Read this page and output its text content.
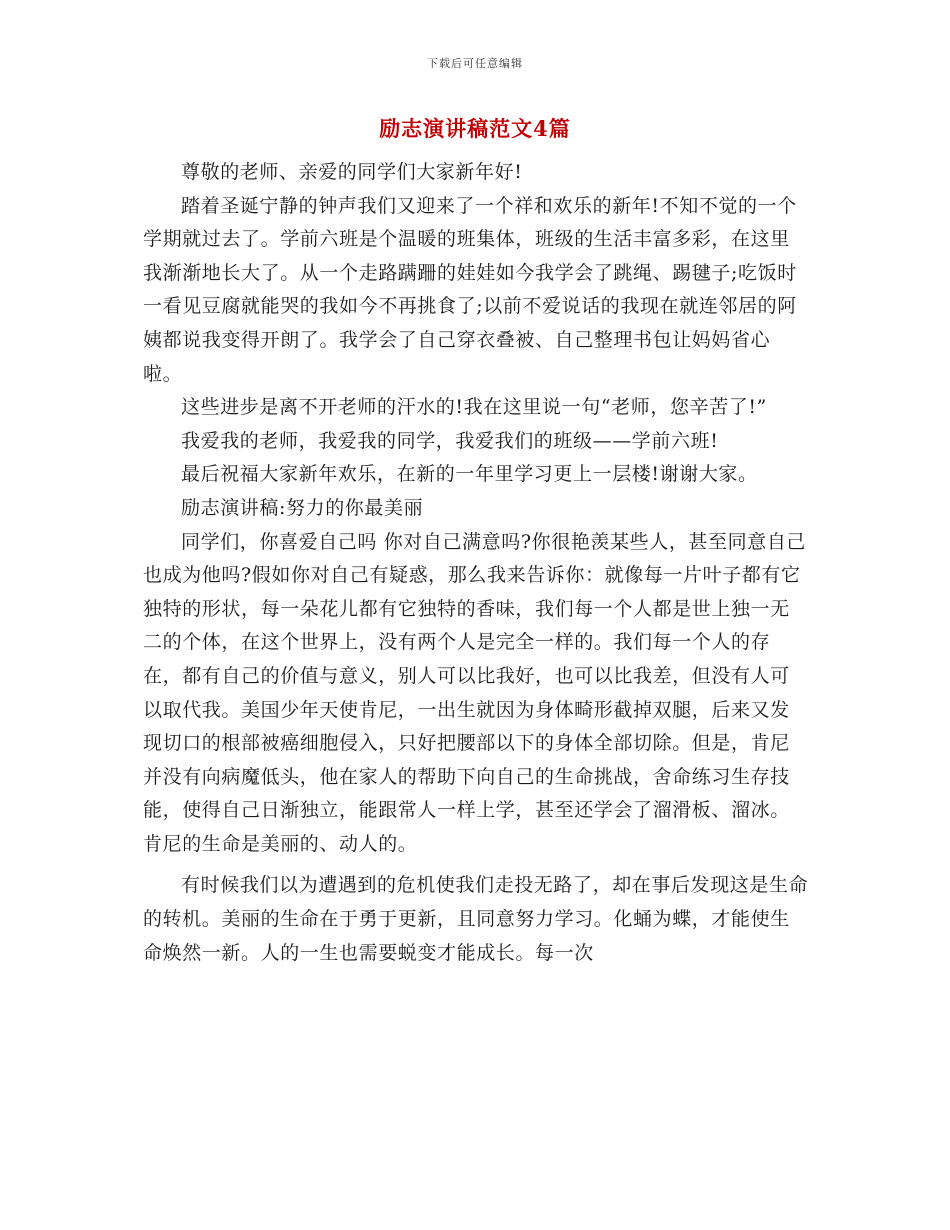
下载后可任意编辑
励志演讲稿范文4篇

尊敬的老师、亲爱的同学们大家新年好!

踏着圣诞宁静的钟声我们又迎来了一个祥和欢乐的新年!不知不觉的一个学期就过去了。学前六班是个温暖的班集体，班级的生活丰富多彩，在这里我渐渐地长大了。从一个走路蹒跚的娃娃如今我学会了跳绳、踢毽子;吃饭时一看见豆腐就能哭的我如今不再挑食了;以前不爱说话的我现在就连邻居的阿姨都说我变得开朗了。我学会了自己穿衣叠被、自己整理书包让妈妈省心啦。

这些进步是离不开老师的汗水的!我在这里说一句“老师，您辛苦了!”

我爱我的老师，我爱我的同学，我爱我们的班级——学前六班!

最后祝福大家新年欢乐，在新的一年里学习更上一层楼!谢谢大家。

励志演讲稿:努力的你最美丽

同学们，你喜爱自己吗 你对自己满意吗?你很艳羡某些人，甚至同意自己也成为他吗?假如你对自己有疑惑，那么我来告诉你：就像每一片叶子都有它独特的形状，每一朵花儿都有它独特的香味，我们每一个人都是世上独一无二的个体，在这个世界上，没有两个人是完全一样的。我们每一个人的存在，都有自己的价值与意义，别人可以比我好，也可以比我差，但没有人可以取代我。美国少年天使肯尼，一出生就因为身体畸形截掉双腿，后来又发现切口的根部被癌细胞侵入，只好把腰部以下的身体全部切除。但是，肯尼并没有向病魔低头，他在家人的帮助下向自己的生命挑战，舍命练习生存技能，使得自己日渐独立，能跟常人一样上学，甚至还学会了溜滑板、溜冰。肯尼的生命是美丽的、动人的。

有时候我们以为遭遇到的危机使我们走投无路了，却在事后发现这是生命的转机。美丽的生命在于勇于更新，且同意努力学习。化蛹为蝶，才能使生命焕然一新。人的一生也需要蜕变才能成长。每一次
